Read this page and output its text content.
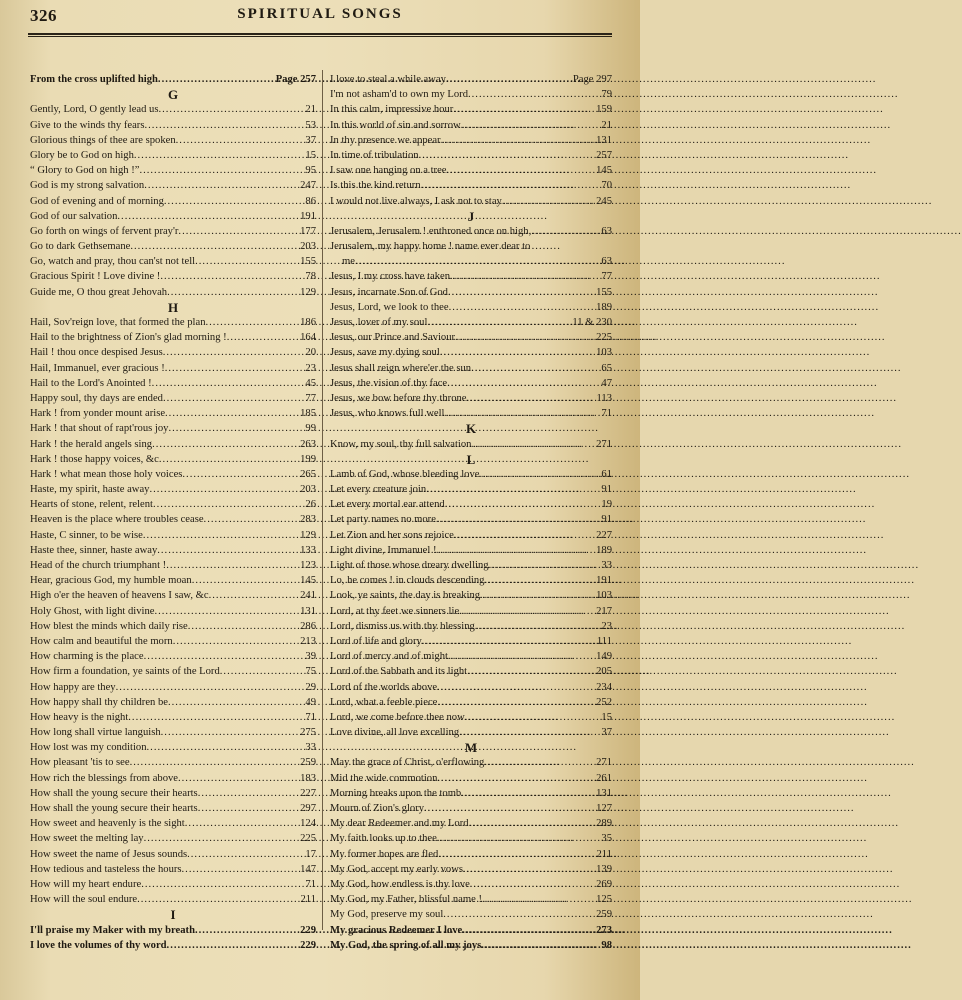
326	SPIRITUAL SONGS
From the cross uplifted high .....	Page 257
G
Gently, Lord, O gently lead us .....	21
Give to the winds thy fears .....	53
Glorious things of thee are spoken .....	37
Glory be to God on high .....	15
“ Glory to God on high !” .....	95
God is my strong salvation .....	247
God of evening and of morning .....	86
God of our salvation .....	191
Go forth on wings of fervent pray'r .....	177
Go to dark Gethsemane .....	203
Go, watch and pray, thou can'st not tell .....	155
Gracious Spirit ! Love divine ! .....	78
Guide me, O thou great Jehovah .....	129
H
Hail, Sov'reign love, that formed the plan .....	186
Hail to the brightness of Zion's glad morning ! .....	164
Hail ! thou once despised Jesus .....	20
Hail, Immanuel, ever gracious ! .....	23
Hail to the Lord's Anointed ! .....	45
Happy soul, thy days are ended .....	77
Hark ! from yonder mount arise .....	185
Hark ! that shout of rapt'rous joy .....	99
Hark ! the herald angels sing .....	263
Hark ! those happy voices, &c .....	199
Hark ! what mean those holy voices .....	265
Haste, my spirit, haste away .....	203
Hearts of stone, relent, relent .....	26
Heaven is the place where troubles cease .....	283
Haste, C sinner, to be wise .....	129
Haste thee, sinner, haste away .....	133
Head of the church triumphant ! .....	123
Hear, gracious God, my humble moan .....	145
High o'er the heaven of heavens I saw, &c .....	241
Holy Ghost, with light divine .....	131
How blest the minds which daily rise .....	286
How calm and beautiful the morn .....	213
How charming is the place .....	39
How firm a foundation, ye saints of the Lord .....	75
How happy are they .....	29
How happy shall thy children be .....	49
How heavy is the night .....	71
How long shall virtue languish .....	275
How lost was my condition .....	33
How pleasant 'tis to see .....	259
How rich the blessings from above .....	183
How shall the young secure their hearts .....	227
How shall the young secure their hearts .....	297
How sweet and heavenly is the sight .....	124
How sweet the melting lay .....	225
How sweet the name of Jesus sounds .....	17
How tedious and tasteless the hours .....	147
How will my heart endure .....	71
How will the soul endure .....	211
I
I'll praise my Maker with my breath .....	229
I love the volumes of thy word .....	229
I love to steal a while away .....	Page 297
I'm not asham'd to own my Lord .....	79
In this calm, impressive hour .....	159
In this world of sin and sorrow .....	21
In thy presence we appear .....	131
In time of tribulation .....	257
I saw one hanging on a tree .....	145
Is this the kind return .....	70
I would not live always, I ask not to stay .....	245
J
Jerusalem, Jerusalem ! enthroned once on high, .....	63
Jerusalem, my happy home ! name ever dear to
me .....	63
Jesus, I my cross have taken .....	77
Jesus, incarnate Son of God .....	155
Jesus, Lord, we look to thee .....	189
Jesus, lover of my soul .....	11 & 230
Jesus, our Prince and Saviour .....	225
Jesus, save my dying soul .....	103
Jesus shall reign where'er the sun .....	65
Jesus, the vision of thy face .....	47
Jesus, we bow before thy throne .....	113
Jesus, who knows full well .....	71
K
Know, my soul, thy full salvation .....	271
L
Lamb of God, whose bleeding love .....	61
Let every creature join .....	91
Let every mortal ear attend .....	19
Let party names no more .....	91
Let Zion and her sons rejoice .....	227
Light divine, Immanuel ! .....	189
Light of those whose dreary dwelling .....	33
Lo, he comes ! in clouds descending .....	191
Look, ye saints, the day is breaking .....	103
Lord, at thy feet we sinners lie .....	217
Lord, dismiss us with thy blessing .....	23
Lord of life and glory .....	111
Lord of mercy and of might .....	149
Lord of the Sabbath and its light .....	205
Lord of the worlds above .....	234
Lord, what a feeble piece .....	252
Lord, we come before thee now .....	15
Love divine, all love excelling .....	37
M
May the grace of Christ, o'erflowing .....	271
Mid the wide commotion .....	261
Morning breaks upon the tomb .....	131
Mourn of Zion's glory .....	127
My dear Redeemer and my Lord .....	289
My faith looks up to thee .....	35
My former hopes are fled .....	211
My God, accept my early vows .....	139
My God, how endless is thy love .....	269
My God, my Father, blissful name ! .....	125
My God, preserve my soul .....	259
My gracious Redeemer I love .....	273
My God, the spring of all my joys .....	98
